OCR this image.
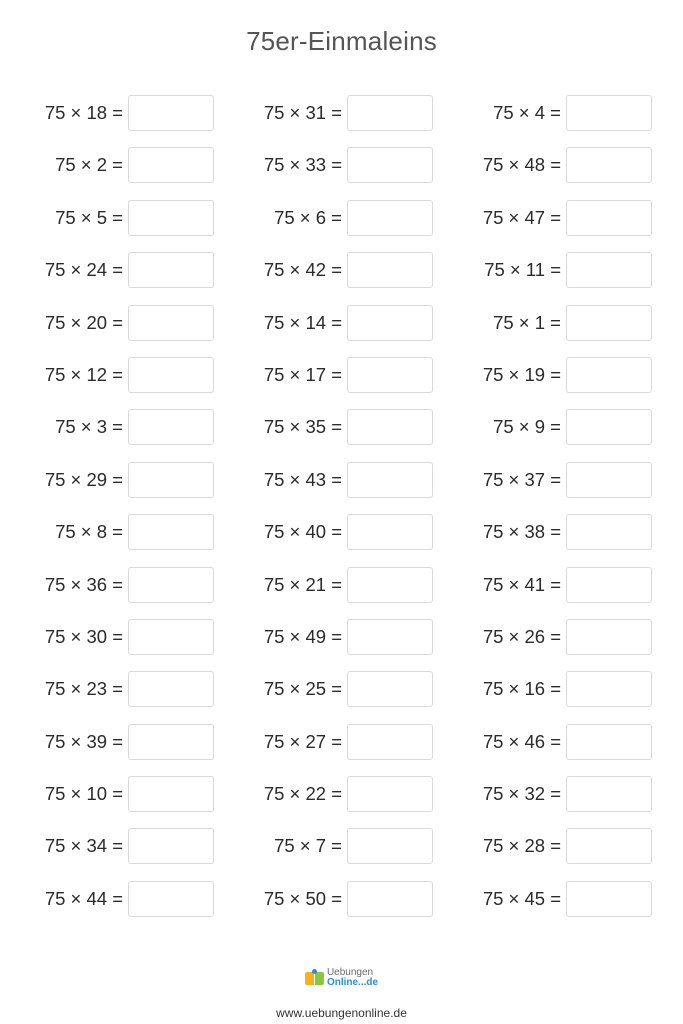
75er-Einmaleins
75 × 18 =	75 × 31 =	75 × 4 =
75 × 2 =	75 × 33 =	75 × 48 =
75 × 5 =	75 × 6 =	75 × 47 =
75 × 24 =	75 × 42 =	75 × 11 =
75 × 20 =	75 × 14 =	75 × 1 =
75 × 12 =	75 × 17 =	75 × 19 =
75 × 3 =	75 × 35 =	75 × 9 =
75 × 29 =	75 × 43 =	75 × 37 =
75 × 8 =	75 × 40 =	75 × 38 =
75 × 36 =	75 × 21 =	75 × 41 =
75 × 30 =	75 × 49 =	75 × 26 =
75 × 23 =	75 × 25 =	75 × 16 =
75 × 39 =	75 × 27 =	75 × 46 =
75 × 10 =	75 × 22 =	75 × 32 =
75 × 34 =	75 × 7 =	75 × 28 =
75 × 44 =	75 × 50 =	75 × 45 =
Uebungen
Online...de
www.uebungenonline.de
